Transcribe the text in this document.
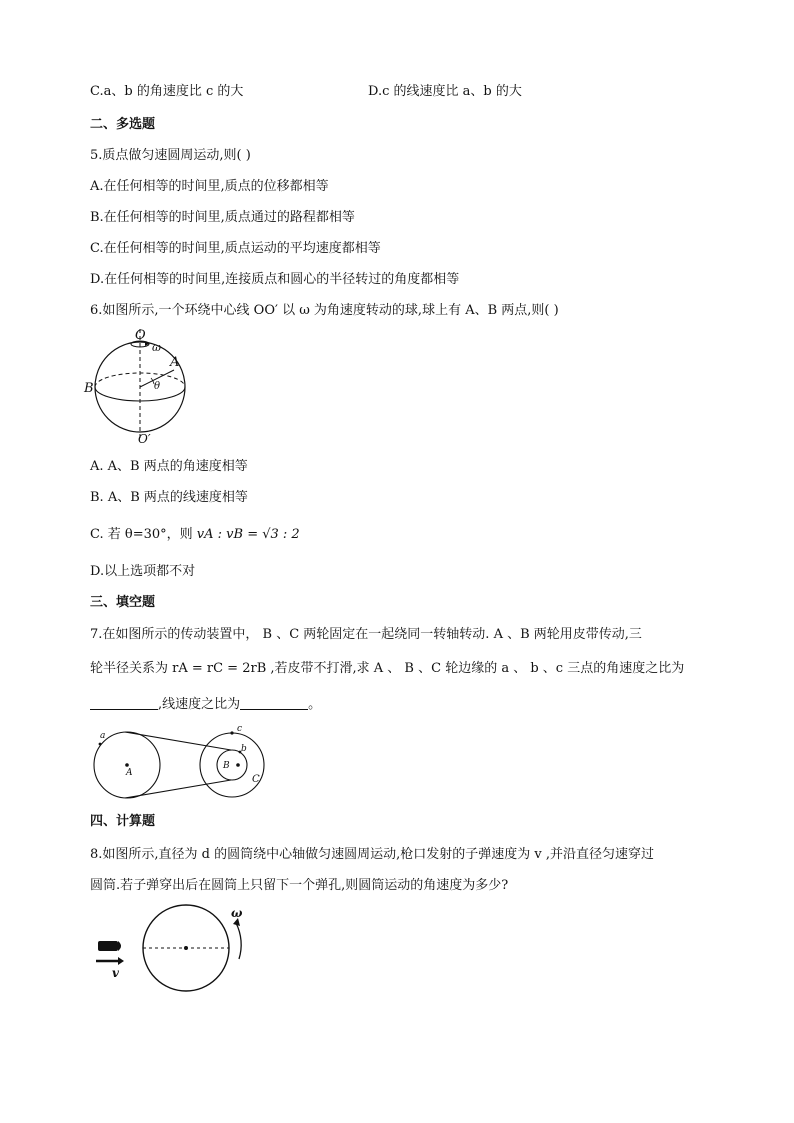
C.a、b 的角速度比 c 的大	D.c 的线速度比 a、b 的大
二、多选题
5.质点做匀速圆周运动,则( )
A.在任何相等的时间里,质点的位移都相等
B.在任何相等的时间里,质点通过的路程都相等
C.在任何相等的时间里,质点运动的平均速度都相等
D.在任何相等的时间里,连接质点和圆心的半径转过的角度都相等
6.如图所示,一个环绕中心线 OO′ 以 ω 为角速度转动的球,球上有 A、B 两点,则( )
O
ω
A
B	θ
O′
A. A、B 两点的角速度相等
B. A、B 两点的线速度相等
C. 若 θ=30°，则 vA : vB = √3 : 2
D.以上选项都不对
三、填空题
7.在如图所示的传动装置中， B 、C 两轮固定在一起绕同一转轴转动. A 、B 两轮用皮带传动,三
轮半径关系为 rA = rC = 2rB ,若皮带不打滑,求 A 、 B 、C 轮边缘的 a 、 b 、c 三点的角速度之比为
,线速度之比为	。
a
A
B
b
c
C
四、计算题
8.如图所示,直径为 d 的圆筒绕中心轴做匀速圆周运动,枪口发射的子弹速度为 v ,并沿直径匀速穿过
圆筒.若子弹穿出后在圆筒上只留下一个弹孔,则圆筒运动的角速度为多少?
ω
v
